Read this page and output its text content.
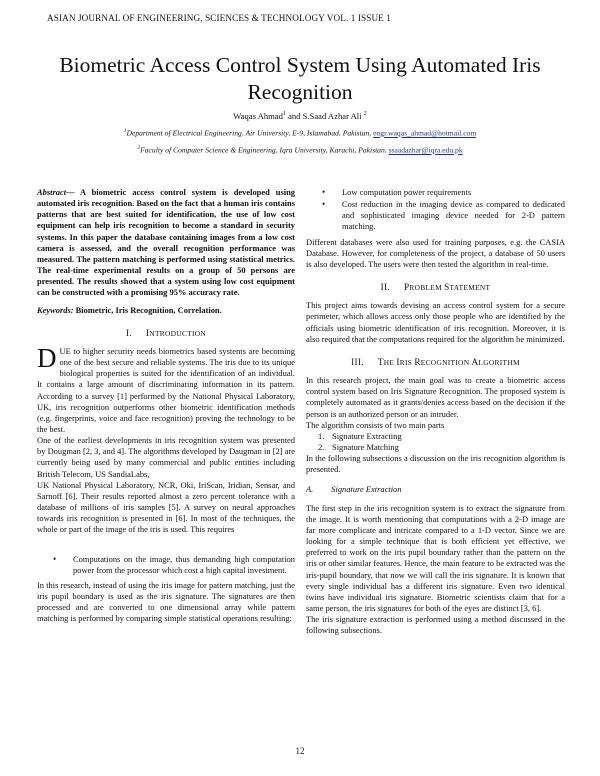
ASIAN JOURNAL OF ENGINEERING, SCIENCES & TECHNOLOGY VOL. 1 ISSUE 1
Biometric Access Control System Using Automated Iris Recognition
Waqas Ahmad$^1$ and S.Saad Azhar Ali $^2$
$^1$Department of Electrical Engineering, Air University, E-9, Islamabad, Pakistan, engr.waqas_ahmad@hotmail.com
$^2$Faculty of Computer Science & Engineering, Iqra University, Karachi, Pakistan, ssaadazhar@iqra.edu.pk

Abstract— A biometric access control system is developed using automated iris recognition. Based on the fact that a human iris contains patterns that are best suited for identification, the use of low cost equipment can help iris recognition to become a standard in security systems. In this paper the database containing images from a low cost camera is assessed, and the overall recognition performance was measured. The pattern matching is performed using statistical metrics. The real-time experimental results on a group of 50 persons are presented. The results showed that a system using low cost equipment can be constructed with a promising 95% accuracy rate.

Keywords: Biometric, Iris Recognition, Correlation.

I. INTRODUCTION

DUE to higher security needs biometrics based systems are becoming one of the best secure and reliable systems. The iris due to its unique biological properties is suited for the identification of an individual. It contains a large amount of discriminating information in its pattern. According to a survey [1] performed by the National Physical Laboratory, UK, iris recognition outperforms other biometric identification methods (e.g. fingerprints, voice and face recognition) proving the technology to be the best.

One of the earliest developments in iris recognition system was presented by Dougman [2, 3, and 4]. The algorithms developed by Daugman in [2] are currently being used by many commercial and public entities including British Telecom, US SandiaLabs,

UK National Physical Laboratory, NCR, Oki, IriScan, Iridian, Sensar, and Sarnoff [6]. Their results reported almost a zero percent tolerance with a database of millions of iris samples [5]. A survey on neural approaches towards iris recognition is presented in [6]. In most of the techniques, the whole or part of the image of the iris is used. This requires

• Computations on the image, thus demanding high computation power from the processor which cost a high capital investment.

In this research, instead of using the iris image for pattern matching, just the iris pupil boundary is used as the iris signature. The signatures are then processed and are converted to one dimensional array while pattern matching is performed by comparing simple statistical operations resulting:

• Low computation power requirements
• Cost reduction in the imaging device as compared to dedicated and sophisticated imaging device needed for 2-D pattern matching.

Different databases were also used for training purposes, e.g. the CASIA Database. However, for completeness of the project, a database of 50 users is also developed. The users were then tested the algorithm in real-time.

II. PROBLEM STATEMENT

This project aims towards devising an access control system for a secure perimeter, which allows access only those people who are identified by the officials using biometric identification of iris recognition. Moreover, it is also required that the computations required for the algorithm be minimized.

III. THE IRIS RECOGNITION ALGORITHM

In this research project, the main goal was to create a biometric access control system based on Iris Signature Recognition. The proposed system is completely automated as it grants/denies access based on the decision if the person is an authorized person or an intruder.

The algorithm consists of two main parts

1. Signature Extracting
2. Signature Matching

In the following subsections a discussion on the iris recognition algorithm is presented.

A. Signature Extraction

The first step in the iris recognition system is to extract the signature from the image. It is worth mentioning that computations with a 2-D image are far more complicate and intricate compared to a 1-D vector. Since we are looking for a simple technique that is both efficient yet effective, we preferred to work on the iris pupil boundary rather than the pattern on the iris or other similar features. Hence, the main feature to be extracted was the iris-pupil boundary, that now we will call the iris signature. It is known that every single individual has a different iris signature. Even two identical twins have individual iris signature. Biometric scientists claim that for a same person, the iris signatures for both of the eyes are distinct [3, 6].

The iris signature extraction is performed using a method discussed in the following subsections.

12
